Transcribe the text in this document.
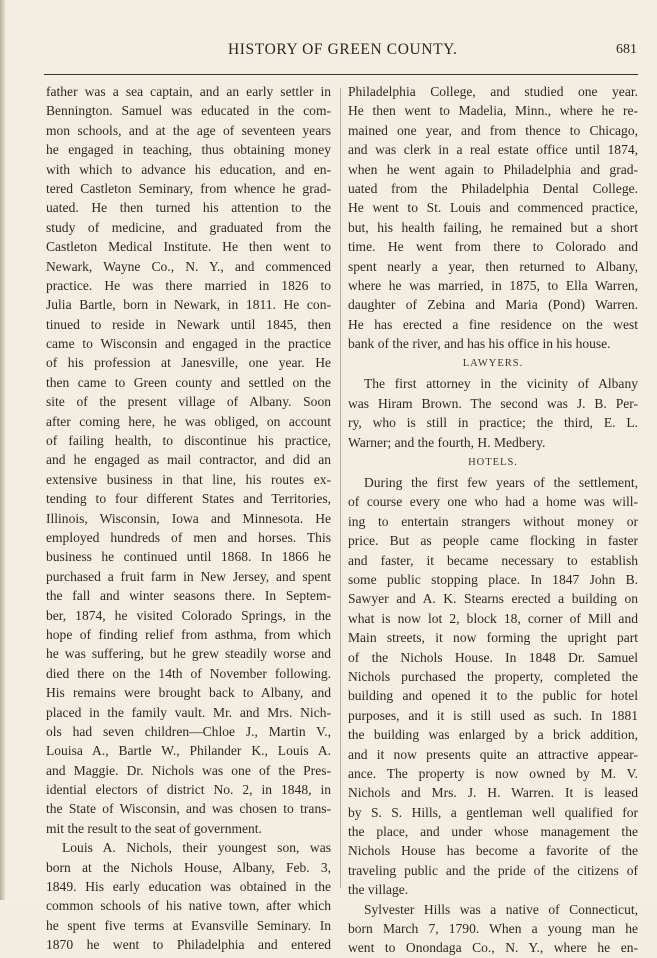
HISTORY OF GREEN COUNTY.	681
father was a sea captain, and an early settler in
Bennington. Samuel was educated in the com-
mon schools, and at the age of seventeen years
he engaged in teaching, thus obtaining money
with which to advance his education, and en-
tered Castleton Seminary, from whence he grad-
uated. He then turned his attention to the
study of medicine, and graduated from the
Castleton Medical Institute. He then went to
Newark, Wayne Co., N. Y., and commenced
practice. He was there married in 1826 to
Julia Bartle, born in Newark, in 1811. He con-
tinued to reside in Newark until 1845, then
came to Wisconsin and engaged in the practice
of his profession at Janesville, one year. He
then came to Green county and settled on the
site of the present village of Albany. Soon
after coming here, he was obliged, on account
of failing health, to discontinue his practice,
and he engaged as mail contractor, and did an
extensive business in that line, his routes ex-
tending to four different States and Territories,
Illinois, Wisconsin, Iowa and Minnesota. He
employed hundreds of men and horses. This
business he continued until 1868. In 1866 he
purchased a fruit farm in New Jersey, and spent
the fall and winter seasons there. In Septem-
ber, 1874, he visited Colorado Springs, in the
hope of finding relief from asthma, from which
he was suffering, but he grew steadily worse and
died there on the 14th of November following.
His remains were brought back to Albany, and
placed in the family vault. Mr. and Mrs. Nich-
ols had seven children—Chloe J., Martin V.,
Louisa A., Bartle W., Philander K., Louis A.
and Maggie. Dr. Nichols was one of the Pres-
idential electors of district No. 2, in 1848, in
the State of Wisconsin, and was chosen to trans-
mit the result to the seat of government.
Louis A. Nichols, their youngest son, was
born at the Nichols House, Albany, Feb. 3,
1849. His early education was obtained in the
common schools of his native town, after which
he spent five terms at Evansville Seminary. In
1870 he went to Philadelphia and entered
Philadelphia College, and studied one year.
He then went to Madelia, Minn., where he re-
mained one year, and from thence to Chicago,
and was clerk in a real estate office until 1874,
when he went again to Philadelphia and grad-
uated from the Philadelphia Dental College.
He went to St. Louis and commenced practice,
but, his health failing, he remained but a short
time. He went from there to Colorado and
spent nearly a year, then returned to Albany,
where he was married, in 1875, to Ella Warren,
daughter of Zebina and Maria (Pond) Warren.
He has erected a fine residence on the west
bank of the river, and has his office in his house.
LAWYERS.
The first attorney in the vicinity of Albany
was Hiram Brown. The second was J. B. Per-
ry, who is still in practice; the third, E. L.
Warner; and the fourth, H. Medbery.
HOTELS.
During the first few years of the settlement,
of course every one who had a home was will-
ing to entertain strangers without money or
price. But as people came flocking in faster
and faster, it became necessary to establish
some public stopping place. In 1847 John B.
Sawyer and A. K. Stearns erected a building on
what is now lot 2, block 18, corner of Mill and
Main streets, it now forming the upright part
of the Nichols House. In 1848 Dr. Samuel
Nichols purchased the property, completed the
building and opened it to the public for hotel
purposes, and it is still used as such. In 1881
the building was enlarged by a brick addition,
and it now presents quite an attractive appear-
ance. The property is now owned by M. V.
Nichols and Mrs. J. H. Warren. It is leased
by S. S. Hills, a gentleman well qualified for
the place, and under whose management the
Nichols House has become a favorite of the
traveling public and the pride of the citizens of
the village.
Sylvester Hills was a native of Connecticut,
born March 7, 1790. When a young man he
went to Onondaga Co., N. Y., where he en-
